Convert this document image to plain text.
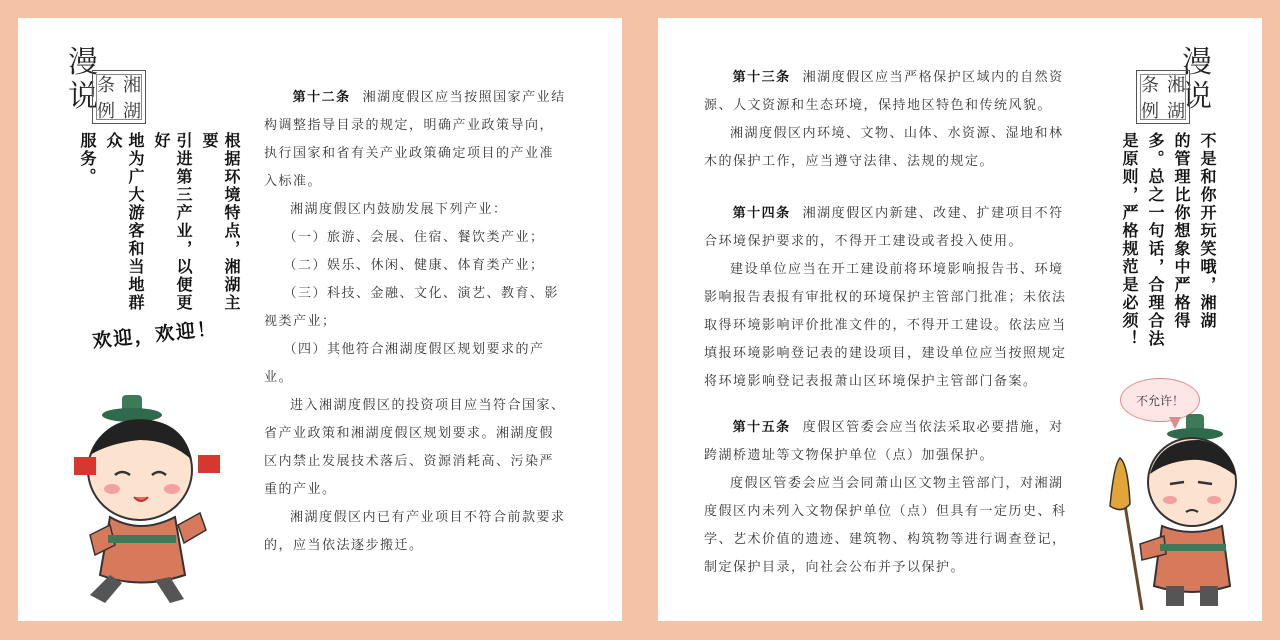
漫说 条 湘
例 湖
根据环境特点，湘湖主要
引进第三产业，以便更好
地为广大游客和当地群众
服务。
欢迎，欢迎！

第十二条 湘湖度假区应当按照国家产业结构调整指导目录的规定，明确产业政策导向，执行国家和省有关产业政策确定项目的产业准入标准。

湘湖度假区内鼓励发展下列产业：

（一）旅游、会展、住宿、餐饮类产业；

（二）娱乐、休闲、健康、体育类产业；

（三）科技、金融、文化、演艺、教育、影视类产业；

（四）其他符合湘湖度假区规划要求的产业。

进入湘湖度假区的投资项目应当符合国家、省产业政策和湘湖度假区规划要求。湘湖度假区内禁止发展技术落后、资源消耗高、污染严重的产业。

湘湖度假区内已有产业项目不符合前款要求的，应当依法逐步搬迁。

漫说
条 湘
例 湖
不是和你开玩笑哦，湘湖
的管理比你想象中严格得
多。总之一句话，合理合法
是原则，严格规范是必须！
不允许！

第十三条 湘湖度假区应当严格保护区域内的自然资源、人文资源和生态环境，保持地区特色和传统风貌。

湘湖度假区内环境、文物、山体、水资源、湿地和林木的保护工作，应当遵守法律、法规的规定。

第十四条 湘湖度假区内新建、改建、扩建项目不符合环境保护要求的，不得开工建设或者投入使用。

建设单位应当在开工建设前将环境影响报告书、环境影响报告表报有审批权的环境保护主管部门批准；未依法取得环境影响评价批准文件的，不得开工建设。依法应当填报环境影响登记表的建设项目，建设单位应当按照规定将环境影响登记表报萧山区环境保护主管部门备案。

第十五条 度假区管委会应当依法采取必要措施，对跨湖桥遗址等文物保护单位（点）加强保护。

度假区管委会应当会同萧山区文物主管部门，对湘湖度假区内未列入文物保护单位（点）但具有一定历史、科学、艺术价值的遗迹、建筑物、构筑物等进行调查登记，制定保护目录，向社会公布并予以保护。
